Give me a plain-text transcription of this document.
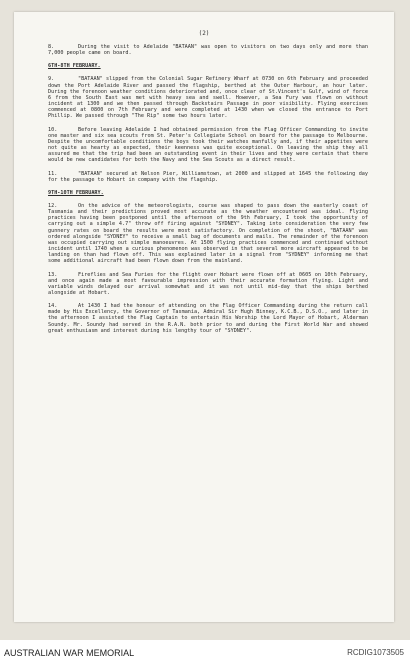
(2)
8.	During the visit to Adelaide "BATAAN" was open to visitors on two days only and more than 7,000 people came on board.
6TH-8TH FEBRUARY.
9.	"BATAAN" slipped from the Colonial Sugar Refinery Wharf at 0730 on 6th February and proceeded down the Port Adelaide River and passed the flagship, berthed at the Outer Harbour, an hour later. During the forenoon weather conditions deteriorated and, once clear of St.Vincent's Gulf, wind of force 6 from the South East was met with heavy sea and swell. However, a Sea Fury was flown on without incident at 1300 and we then passed through Backstairs Passage in poor visibility. Flying exercises commenced at 0800 on 7th February and were completed at 1430 when we closed the entrance to Port Phillip. We passed through "The Rip" some two hours later.
10.	Before leaving Adelaide I had obtained permission from the Flag Officer Commanding to invite one master and six sea scouts from St. Peter's Collegiate School on board for the passage to Melbourne. Despite the uncomfortable conditions the boys took their watches manfully and, if their appetites were not quite as hearty as expected, their keenness was quite exceptional. On leaving the ship they all assured me that the trip had been an outstanding event in their lives and they were certain that there would be new candidates for both the Navy and the Sea Scouts as a direct result.
11.	"BATAAN" secured at Nelson Pier, Williamstown, at 2000 and slipped at 1645 the following day for the passage to Hobart in company with the flagship.
9TH-10TH FEBRUARY.
12.	On the advice of the meteorologists, course was shaped to pass down the easterly coast of Tasmania and their predictions proved most accurate as the weather encountered was ideal. Flying practices having been postponed until the afternoon of the 9th February, I took the opportunity of carrying out a simple 4.7" throw off firing against "SYDNEY". Taking into consideration the very few gunnery rates on board the results were most satisfactory. On completion of the shoot, "BATAAN" was ordered alongside "SYDNEY" to receive a small bag of documents and mails. The remainder of the forenoon was occupied carrying out simple manoeuvres. At 1500 flying practices commenced and continued without incident until 1740 when a curious phenomenon was observed in that several more aircraft appeared to be landing on than had flown off. This was explained later in a signal from "SYDNEY" informing me that some additional aircraft had been flown down from the mainland.
13.	Fireflies and Sea Furies for the flight over Hobart were flown off at 0605 on 10th February, and once again made a most favourable impression with their accurate formation flying. Light and variable winds delayed our arrival somewhat and it was not until mid-day that the ships berthed alongside at Hobart.
14.	At 1430 I had the honour of attending on the Flag Officer Commanding during the return call made by His Excellency, the Governor of Tasmania, Admiral Sir Hugh Binney, K.C.B., D.S.O., and later in the afternoon I assisted the Flag Captain to entertain His Worship the Lord Mayor of Hobart, Alderman Soundy. Mr. Soundy had served in the R.A.N. both prior to and during the First World War and showed great enthusiasm and interest during his lengthy tour of "SYDNEY".
AUSTRALIAN WAR MEMORIAL	RCDIG1073505
